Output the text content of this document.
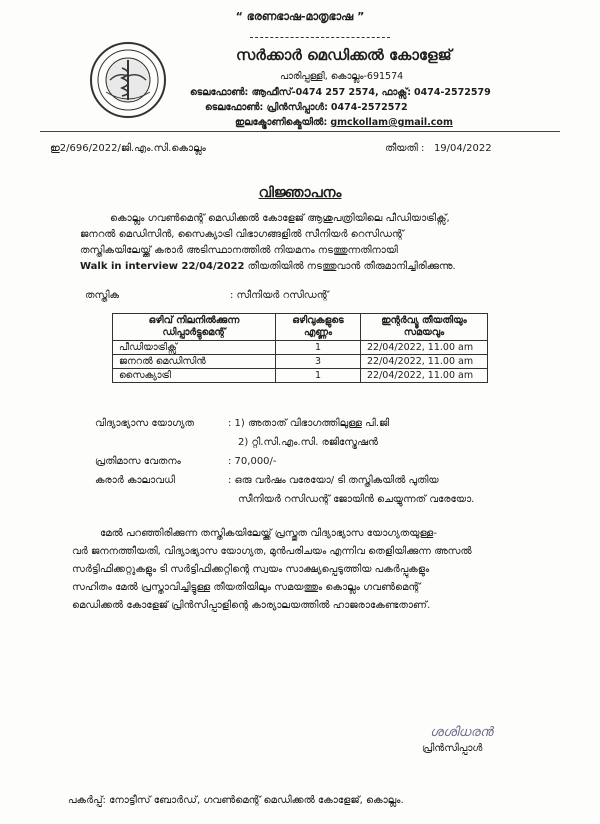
“ ഭരണഭാഷ-മാതൃഭാഷ ”
സർക്കാർ മെഡിക്കൽ കോളേജ്
പാരിപ്പള്ളി, കൊല്ലം-691574
ടെലഫോൺ: ആഫീസ്-0474 257 2574, ഫാക്സ്: 0474-2572579
ടെലഫോൺ: പ്രിൻസിപ്പാൾ: 0474-2572572
ഇലക്ട്രോണിക്മെയിൽ: gmckollam@gmail.com
ഇ2/696/2022/ജി.എം.സി.കൊല്ലം	തീയതി : 19/04/2022
വിജ്ഞാപനം
കൊല്ലം ഗവൺമെന്റ് മെഡിക്കൽ കോളേജ് ആശുപത്രിയിലെ പീഡിയാട്രിക്സ്,
ജനറൽ മെഡിസിൻ, സൈക്യാട്രി വിഭാഗങ്ങളിൽ സീനിയർ റെസിഡന്റ്
തസ്തികയിലേയ്ക്ക് കരാർ അടിസ്ഥാനത്തിൽ നിയമനം നടത്തുന്നതിനായി
Walk in interview 22/04/2022 തീയതിയിൽ നടത്തുവാൻ തീരുമാനിച്ചിരിക്കുന്നു.
തസ്തിക	: സീനിയർ റസിഡന്റ്
ഒഴിവ് നിലനിൽക്കുന്ന ഡിപ്പാർട്ടുമെന്റ്	ഒഴിവുകളുടെ എണ്ണം	ഇന്റർവ്യൂ തീയതിയും സമയവും
പീഡിയാട്രിക്സ്	1	22/04/2022, 11.00 am
ജനറൽ മെഡിസിൻ	3	22/04/2022, 11.00 am
സൈക്യാട്രി	1	22/04/2022, 11.00 am
വിദ്യാഭ്യാസ യോഗ്യത	: 1) അതാത് വിഭാഗത്തിലുള്ള പി.ജി
2) റ്റി.സി.എം.സി. രജിസ്ട്രേഷൻ
പ്രതിമാസ വേതനം	: 70,000/-
കരാർ കാലാവധി	: ഒരു വർഷം വരേയോ/ ടി തസ്തികയിൽ പുതിയ
സീനിയർ റസിഡന്റ് ജോയിൻ ചെയ്യുന്നത് വരേയോ.
മേൽ പറഞ്ഞിരിക്കുന്ന തസ്തികയിലേയ്ക്ക് പ്രസ്തുത വിദ്യാഭ്യാസ യോഗ്യതയുള്ള-
വർ ജനനത്തീയതി, വിദ്യാഭ്യാസ യോഗ്യത, മുൻപരിചയം എന്നിവ തെളിയിക്കുന്ന അസൽ
സർട്ടിഫിക്കറ്റുകളും ടി സർട്ടിഫിക്കറ്റിന്റെ സ്വയം സാക്ഷ്യപ്പെടുത്തിയ പകർപ്പുകളും
സഹിതം മേൽ പ്രസ്താവിച്ചിട്ടുള്ള തീയതിയിലും സമയത്തും കൊല്ലം ഗവൺമെന്റ്
മെഡിക്കൽ കോളേജ് പ്രിൻസിപ്പാളിന്റെ കാര്യാലയത്തിൽ ഹാജരാകേണ്ടതാണ്.
ശശിധരൻ
പ്രിൻസിപ്പാൾ
പകർപ്പ്: നോട്ടീസ് ബോർഡ്, ഗവൺമെന്റ് മെഡിക്കൽ കോളേജ്, കൊല്ലം.
